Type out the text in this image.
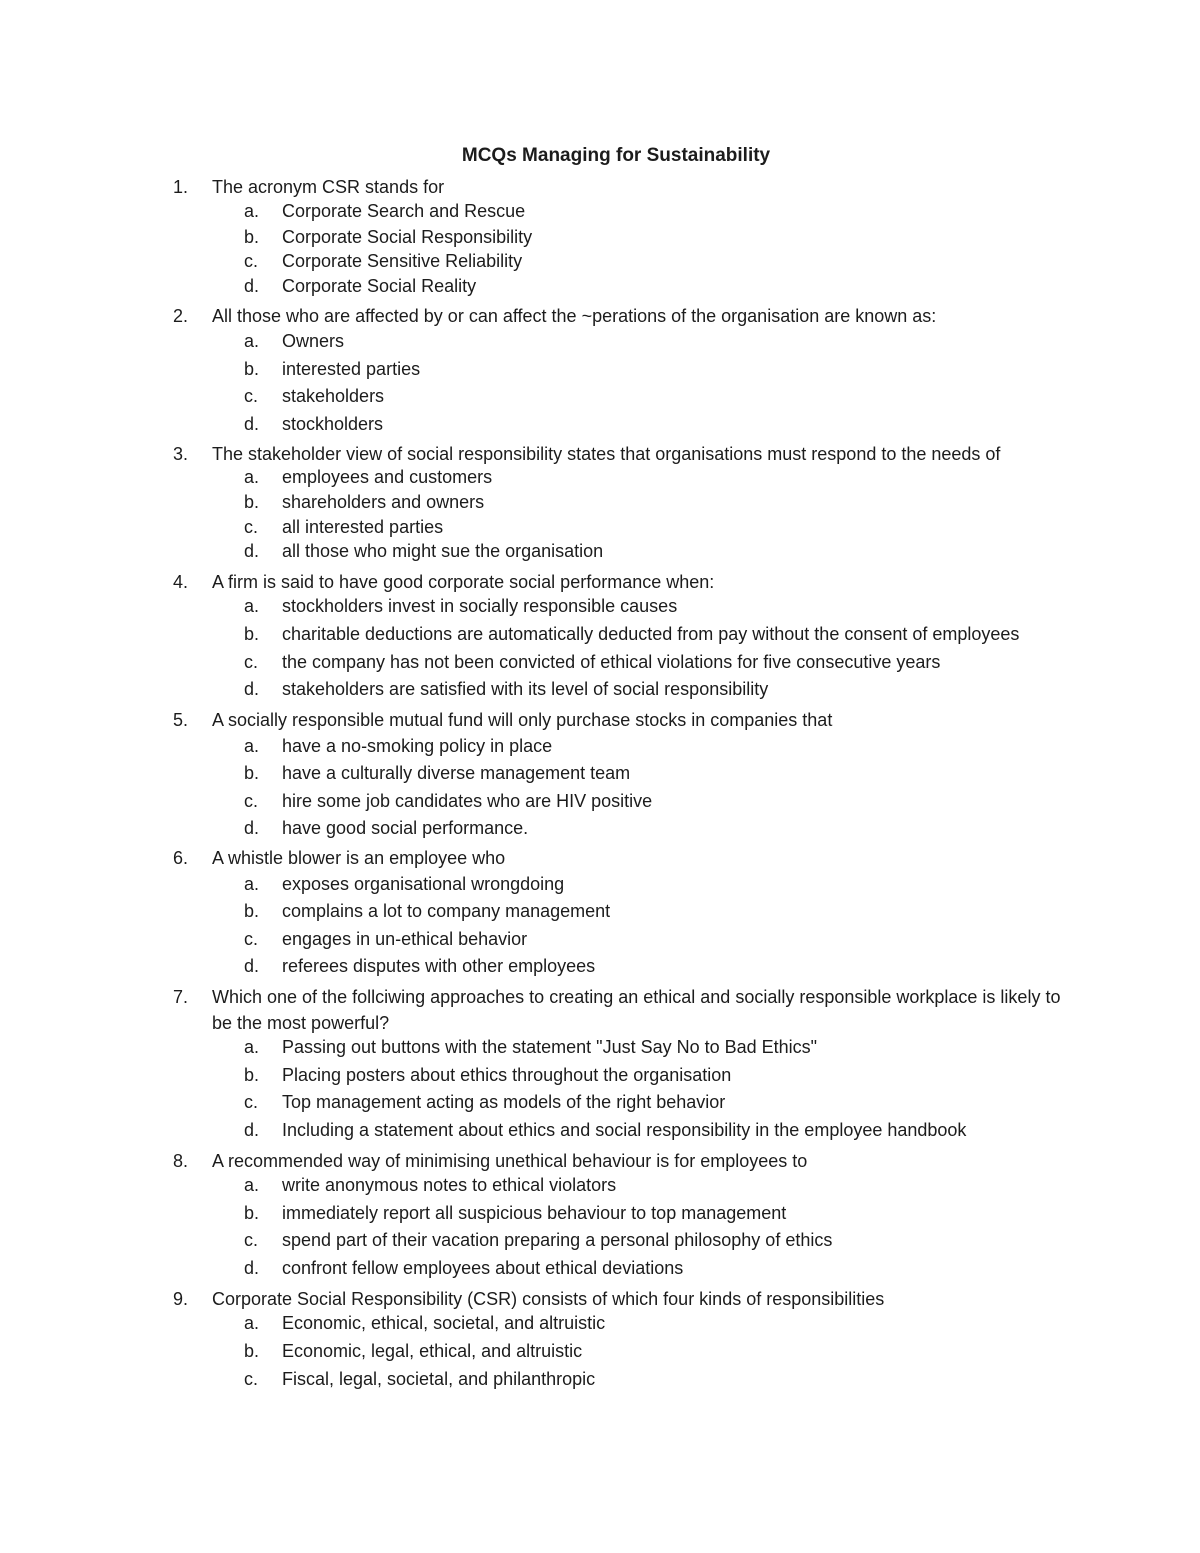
MCQs Managing for Sustainability
1.	The acronym CSR stands for
a.	Corporate Search and Rescue
b.	Corporate Social Responsibility
c.	Corporate Sensitive Reliability
d.	Corporate Social Reality
2.	All those who are affected by or can affect the ~perations of the organisation are known as:
a.	Owners
b.	interested parties
c.	stakeholders
d.	stockholders
3.	The stakeholder view of social responsibility states that organisations must respond to the needs of
a.	employees and customers
b.	shareholders and owners
c.	all interested parties
d.	all those who might sue the organisation
4.	A firm is said to have good corporate social performance when:
a.	stockholders invest in socially responsible causes
b.	charitable deductions are automatically deducted from pay without the consent of employees
c.	the company has not been convicted of ethical violations for five consecutive years
d.	stakeholders are satisfied with its level of social responsibility
5.	A socially responsible mutual fund will only purchase stocks in companies that
a.	have a no-smoking policy in place
b.	have a culturally diverse management team
c.	hire some job candidates who are HIV positive
d.	have good social performance.
6.	A whistle blower is an employee who
a.	exposes organisational wrongdoing
b.	complains a lot to company management
c.	engages in un-ethical behavior
d.	referees disputes with other employees
7.	Which one of the follciwing approaches to creating an ethical and socially responsible workplace is likely to be the most powerful?
a.	Passing out buttons with the statement "Just Say No to Bad Ethics"
b.	Placing posters about ethics throughout the organisation
c.	Top management acting as models of the right behavior
d.	Including a statement about ethics and social responsibility in the employee handbook
8.	A recommended way of minimising unethical behaviour is for employees to
a.	write anonymous notes to ethical violators
b.	immediately report all suspicious behaviour to top management
c.	spend part of their vacation preparing a personal philosophy of ethics
d.	confront fellow employees about ethical deviations
9.	Corporate Social Responsibility (CSR) consists of which four kinds of responsibilities
a.	Economic, ethical, societal, and altruistic
b.	Economic, legal, ethical, and altruistic
c.	Fiscal, legal, societal, and philanthropic
